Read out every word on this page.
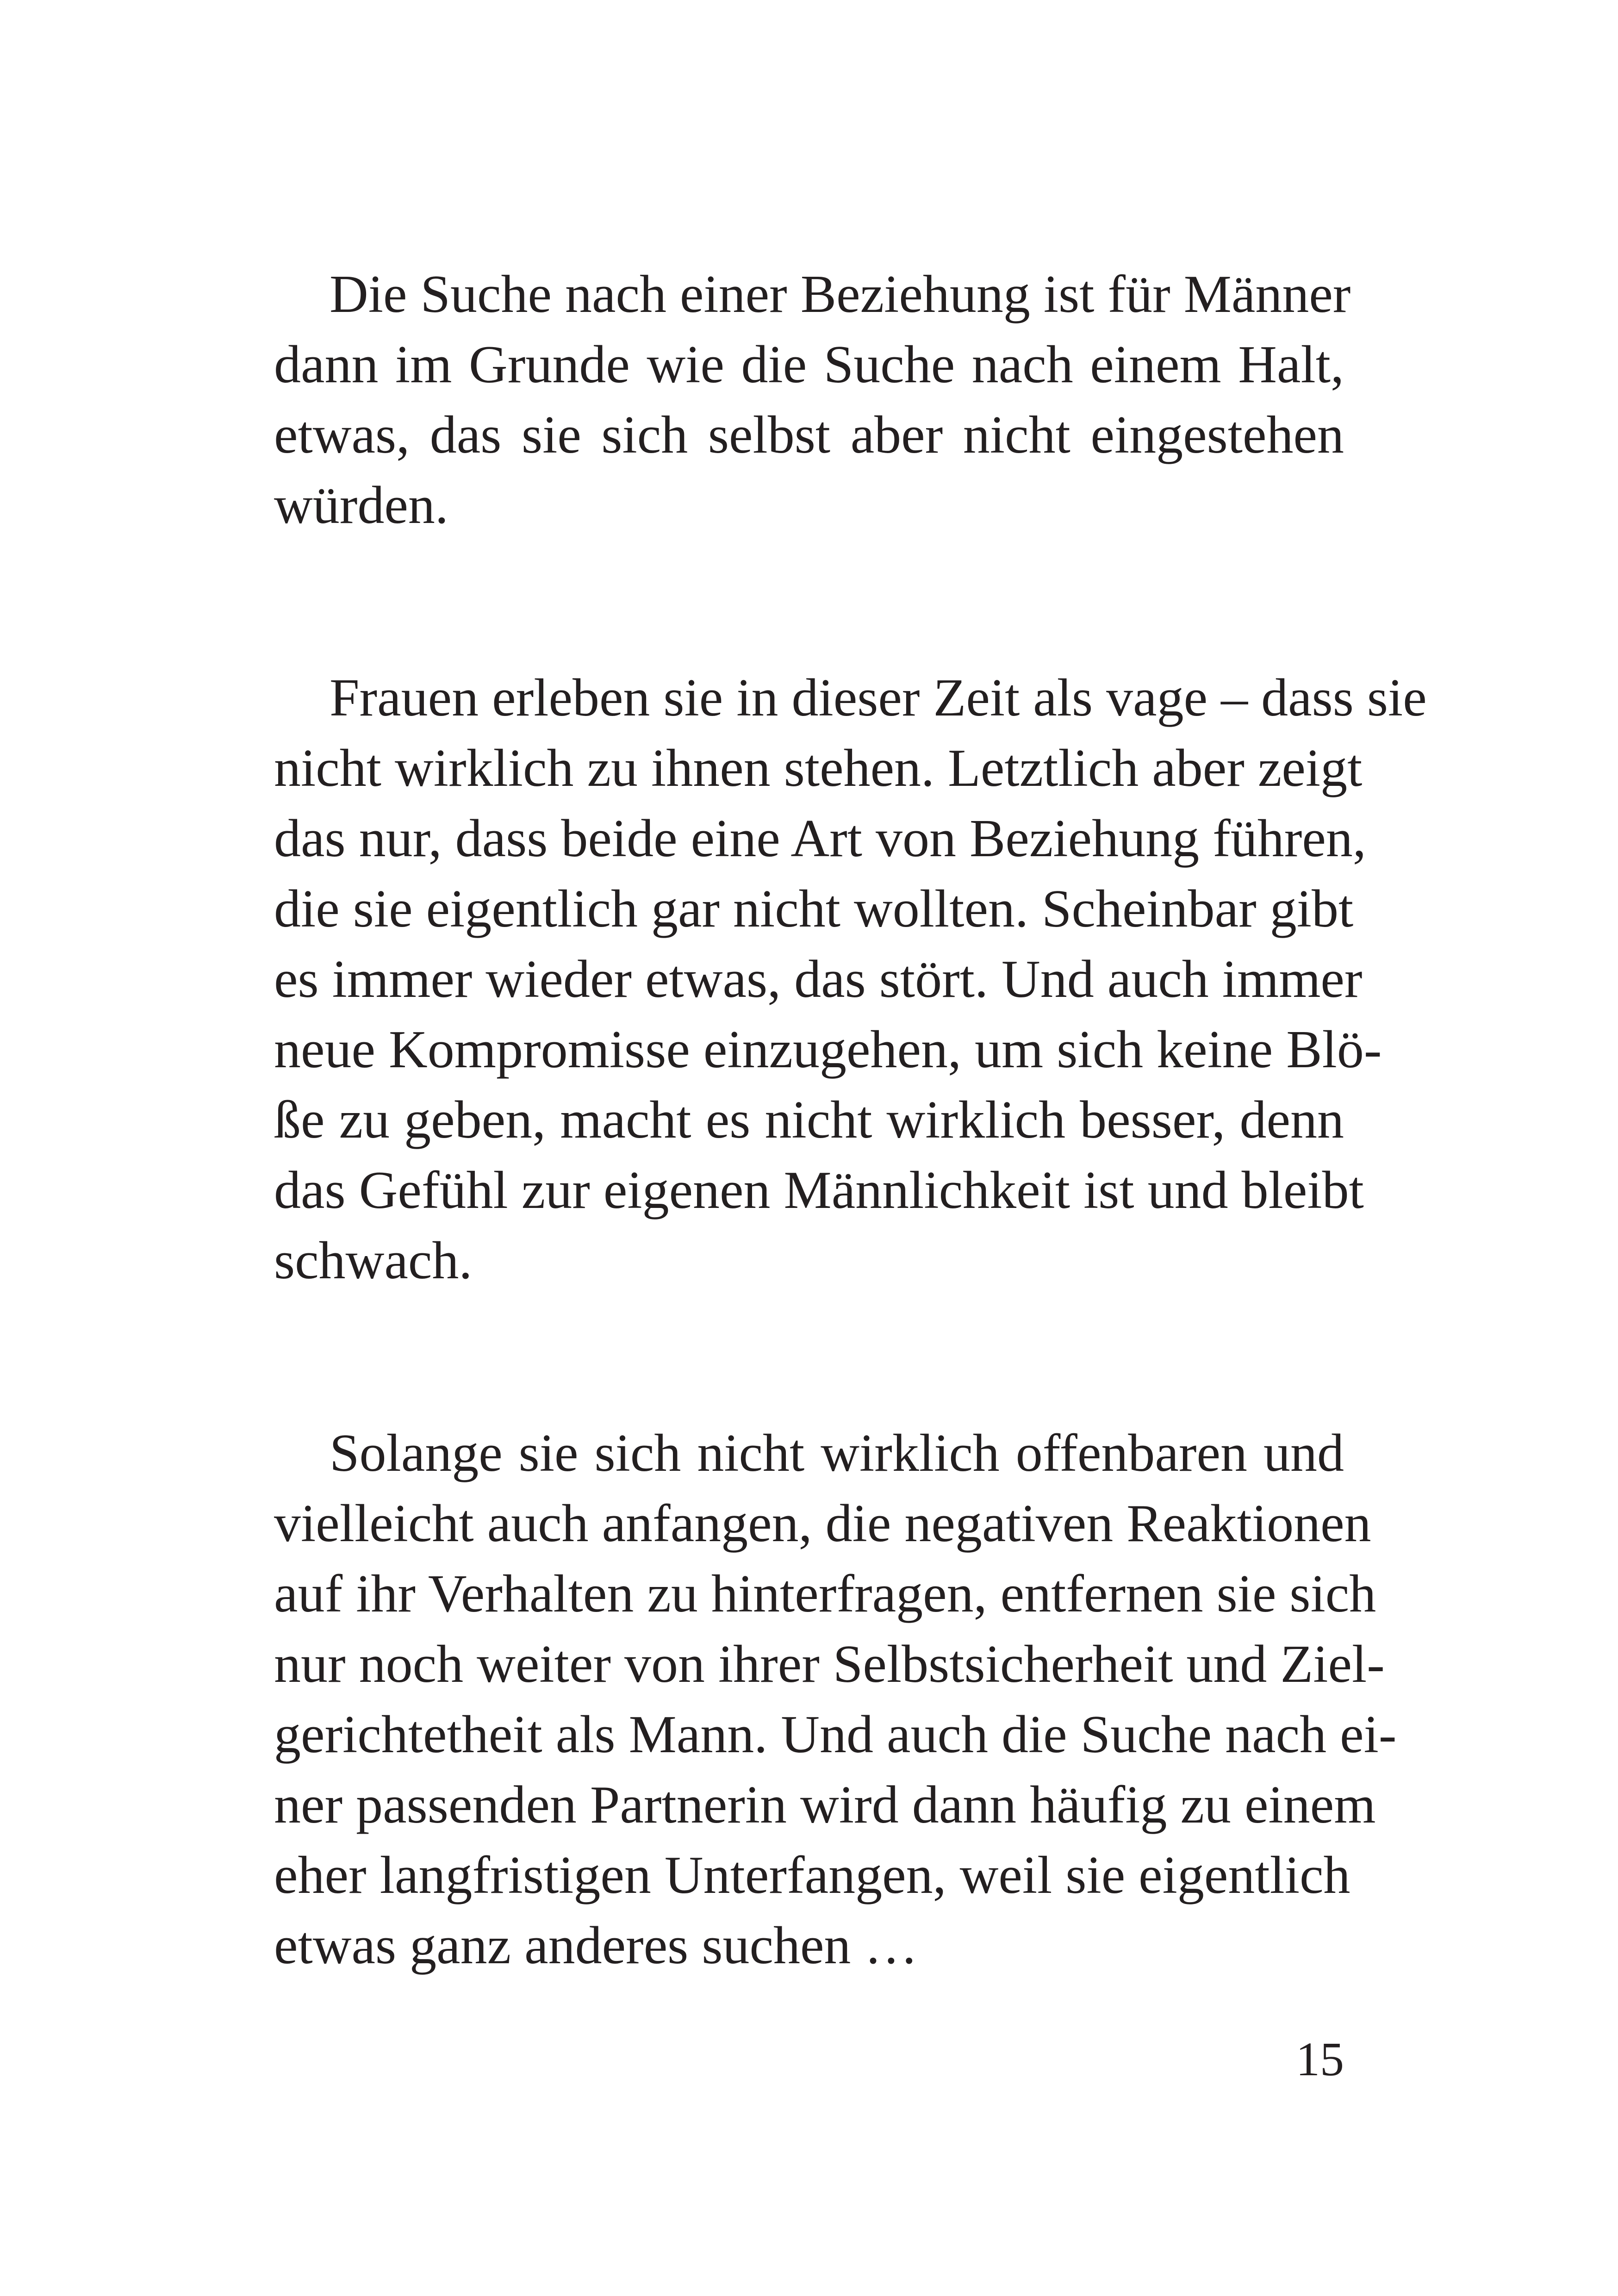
Die Suche nach einer Beziehung ist für Männer
dann im Grunde wie die Suche nach einem Halt,
etwas, das sie sich selbst aber nicht eingestehen
würden.
Frauen erleben sie in dieser Zeit als vage – dass sie
nicht wirklich zu ihnen stehen. Letztlich aber zeigt
das nur, dass beide eine Art von Beziehung führen,
die sie eigentlich gar nicht wollten. Scheinbar gibt
es immer wieder etwas, das stört. Und auch immer
neue Kompromisse einzugehen, um sich keine Blö-
ße zu geben, macht es nicht wirklich besser, denn
das Gefühl zur eigenen Männlichkeit ist und bleibt
schwach.
Solange sie sich nicht wirklich offenbaren und
vielleicht auch anfangen, die negativen Reaktionen
auf ihr Verhalten zu hinterfragen, entfernen sie sich
nur noch weiter von ihrer Selbstsicherheit und Ziel-
gerichtetheit als Mann. Und auch die Suche nach ei-
ner passenden Partnerin wird dann häufig zu einem
eher langfristigen Unterfangen, weil sie eigentlich
etwas ganz anderes suchen …
15
